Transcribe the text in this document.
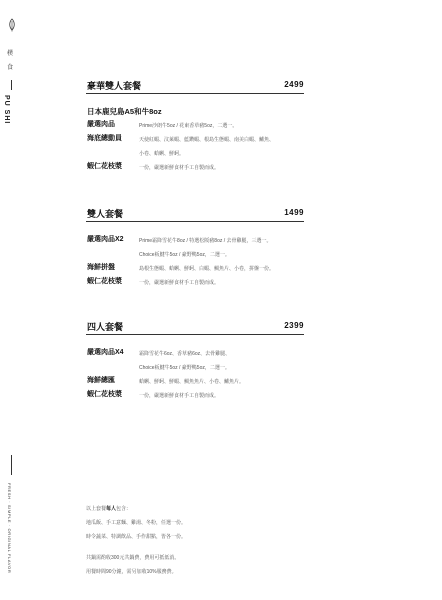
樸
食
PU SHI
FRESH · SIMPLE · ORIGINAL FLAVOR
豪華雙人套餐	2499
日本鹿兒島A5和牛8oz
嚴選肉品	Prime沙朗牛5oz / 花東香草豬5oz，二選一。
海底總動員	天使紅蝦、汶萊蝦、藍鑽蝦、根島生態蝦、南美白蝦、鱸魚、
小卷、蛤蜊、鮮蚵。
蝦仁花枝漿	一份，嚴選新鮮食材手工自製而成。
雙人套餐	1499
嚴選肉品X2	Prime霜降雪花牛8oz / 特選松阪豬8oz / 去骨雞腿，三選一。
Choice板腱牛5oz / 豪野鴨5oz，二選一。
海鮮拼盤	島根生態蝦、蛤蜊、鮮蚵、白蝦、鯛魚片、小卷，拼盤一份。
蝦仁花枝漿	一份，嚴選新鮮食材手工自製而成。
四人套餐	2399
嚴選肉品X4	霜降雪花牛6oz、香草豬6oz、去骨雞腿、
Choice板腱牛5oz / 豪野鴨5oz，二選一。
海鮮總匯	蛤蜊、鮮蚵、鮮蝦、鯛魚魚片、小卷、鱸魚片。
蝦仁花枝漿	一份，嚴選新鮮食材手工自製而成。

以上套餐每人包含：

地瓜飯、手工意麵、雞湯、冬粉，任選一份。

時令蔬菜、特調飲品、手作甜點，皆各一份。

共鍋需酌收300元共鍋費，費用可抵低消。

用餐時間90分鐘，需另加收10%服務費。
